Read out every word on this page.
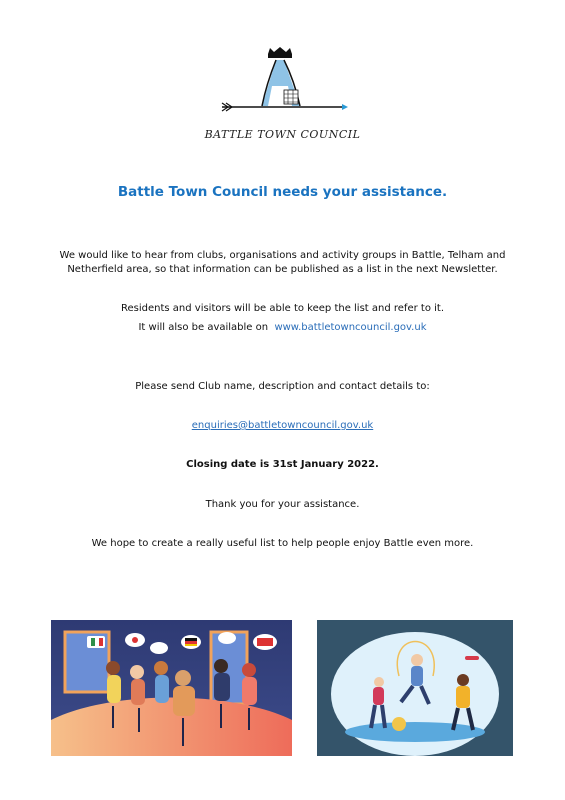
BATTLE TOWN COUNCIL
Battle Town Council needs your assistance.
We would like to hear from clubs, organisations and activity groups in Battle, Telham and Netherfield area, so that information can be published as a list in the next Newsletter.
Residents and visitors will be able to keep the list and refer to it.
It will also be available on www.battletowncouncil.gov.uk
Please send Club name, description and contact details to:
enquiries@battletowncouncil.gov.uk
Closing date is 31st January 2022.
Thank you for your assistance.
We hope to create a really useful list to help people enjoy Battle even more.
